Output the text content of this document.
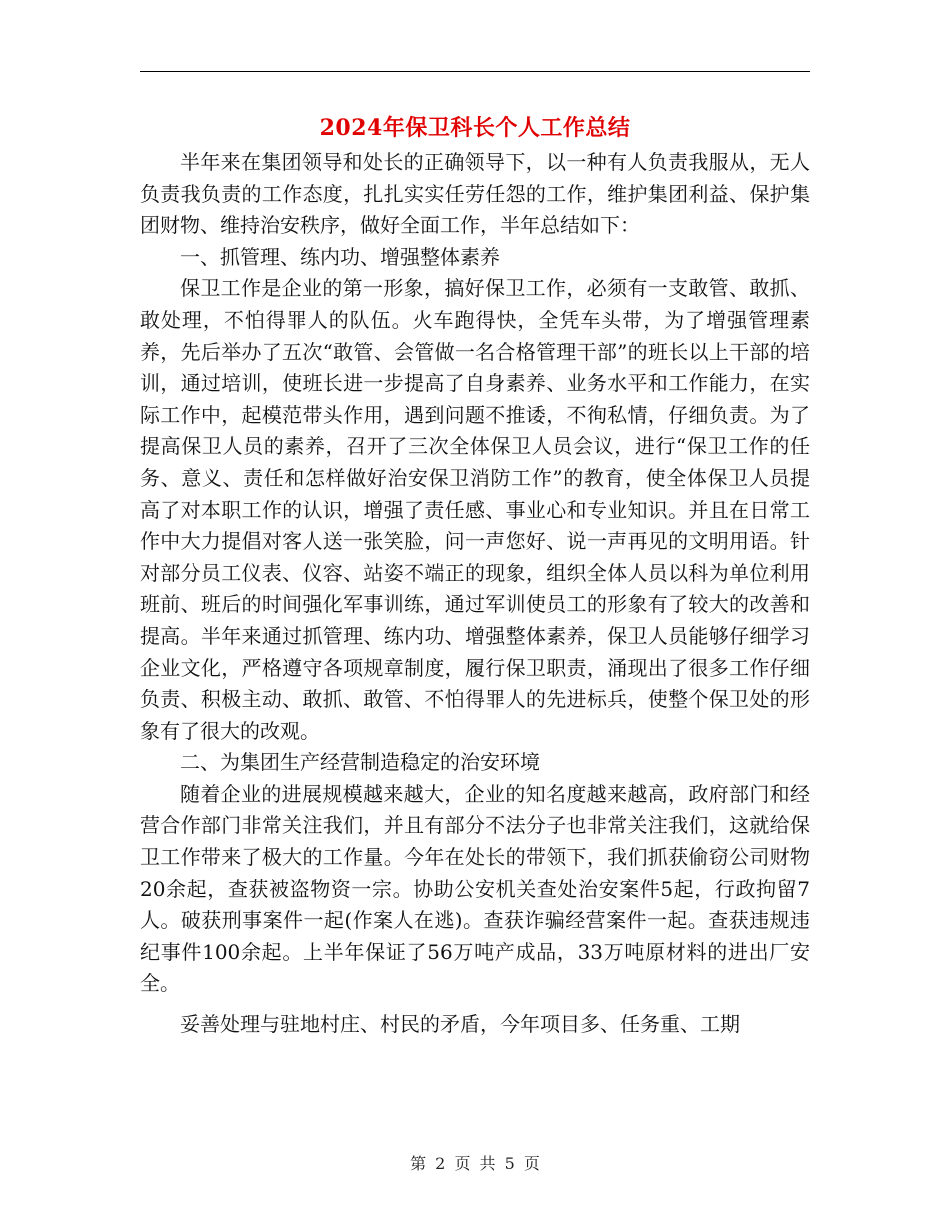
2024年保卫科长个人工作总结

半年来在集团领导和处长的正确领导下，以一种有人负责我服从，无人负责我负责的工作态度，扎扎实实任劳任怨的工作，维护集团利益、保护集团财物、维持治安秩序，做好全面工作，半年总结如下：

一、抓管理、练内功、增强整体素养

保卫工作是企业的第一形象，搞好保卫工作，必须有一支敢管、敢抓、敢处理，不怕得罪人的队伍。火车跑得快，全凭车头带，为了增强管理素养，先后举办了五次“敢管、会管做一名合格管理干部”的班长以上干部的培训，通过培训，使班长进一步提高了自身素养、业务水平和工作能力，在实际工作中，起模范带头作用，遇到问题不推诿，不徇私情，仔细负责。为了提高保卫人员的素养，召开了三次全体保卫人员会议，进行“保卫工作的任务、意义、责任和怎样做好治安保卫消防工作”的教育，使全体保卫人员提高了对本职工作的认识，增强了责任感、事业心和专业知识。并且在日常工作中大力提倡对客人送一张笑脸，问一声您好、说一声再见的文明用语。针对部分员工仪表、仪容、站姿不端正的现象，组织全体人员以科为单位利用班前、班后的时间强化军事训练，通过军训使员工的形象有了较大的改善和提高。半年来通过抓管理、练内功、增强整体素养，保卫人员能够仔细学习企业文化，严格遵守各项规章制度，履行保卫职责，涌现出了很多工作仔细负责、积极主动、敢抓、敢管、不怕得罪人的先进标兵，使整个保卫处的形象有了很大的改观。

二、为集团生产经营制造稳定的治安环境

随着企业的进展规模越来越大，企业的知名度越来越高，政府部门和经营合作部门非常关注我们，并且有部分不法分子也非常关注我们，这就给保卫工作带来了极大的工作量。今年在处长的带领下，我们抓获偷窃公司财物20余起，查获被盗物资一宗。协助公安机关查处治安案件5起，行政拘留7人。破获刑事案件一起(作案人在逃)。查获诈骗经营案件一起。查获违规违纪事件100余起。上半年保证了56万吨产成品，33万吨原材料的进出厂安全。

妥善处理与驻地村庄、村民的矛盾，今年项目多、任务重、工期

第 2 页 共 5 页
